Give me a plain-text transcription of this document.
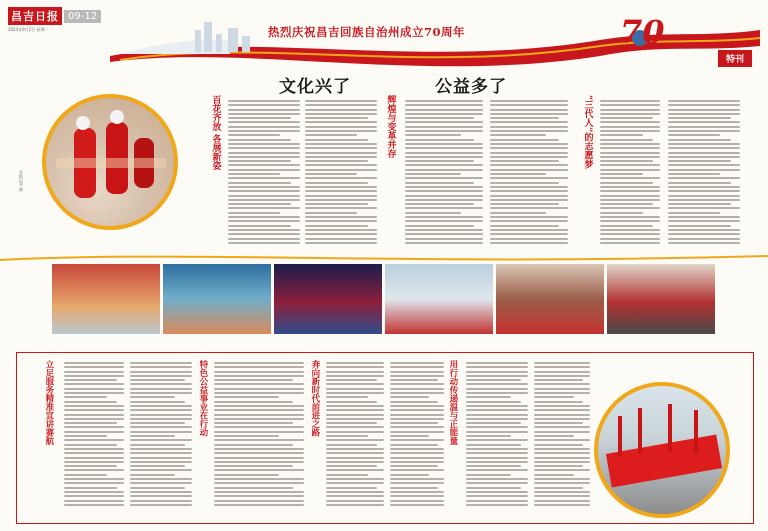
昌吉日报 09-12
2024年9月2日 星期一	热烈庆祝昌吉回族自治州成立70周年	70
特刊
文化兴了	公益多了
本报记者 摄
百花齐放 各展新姿	辉煌与变革并存	“三代人”的志愿梦
立足服务精准宣讲赛航	特色公益事业在行动	奔向新时代前进之路	用行动传递温与正能量
